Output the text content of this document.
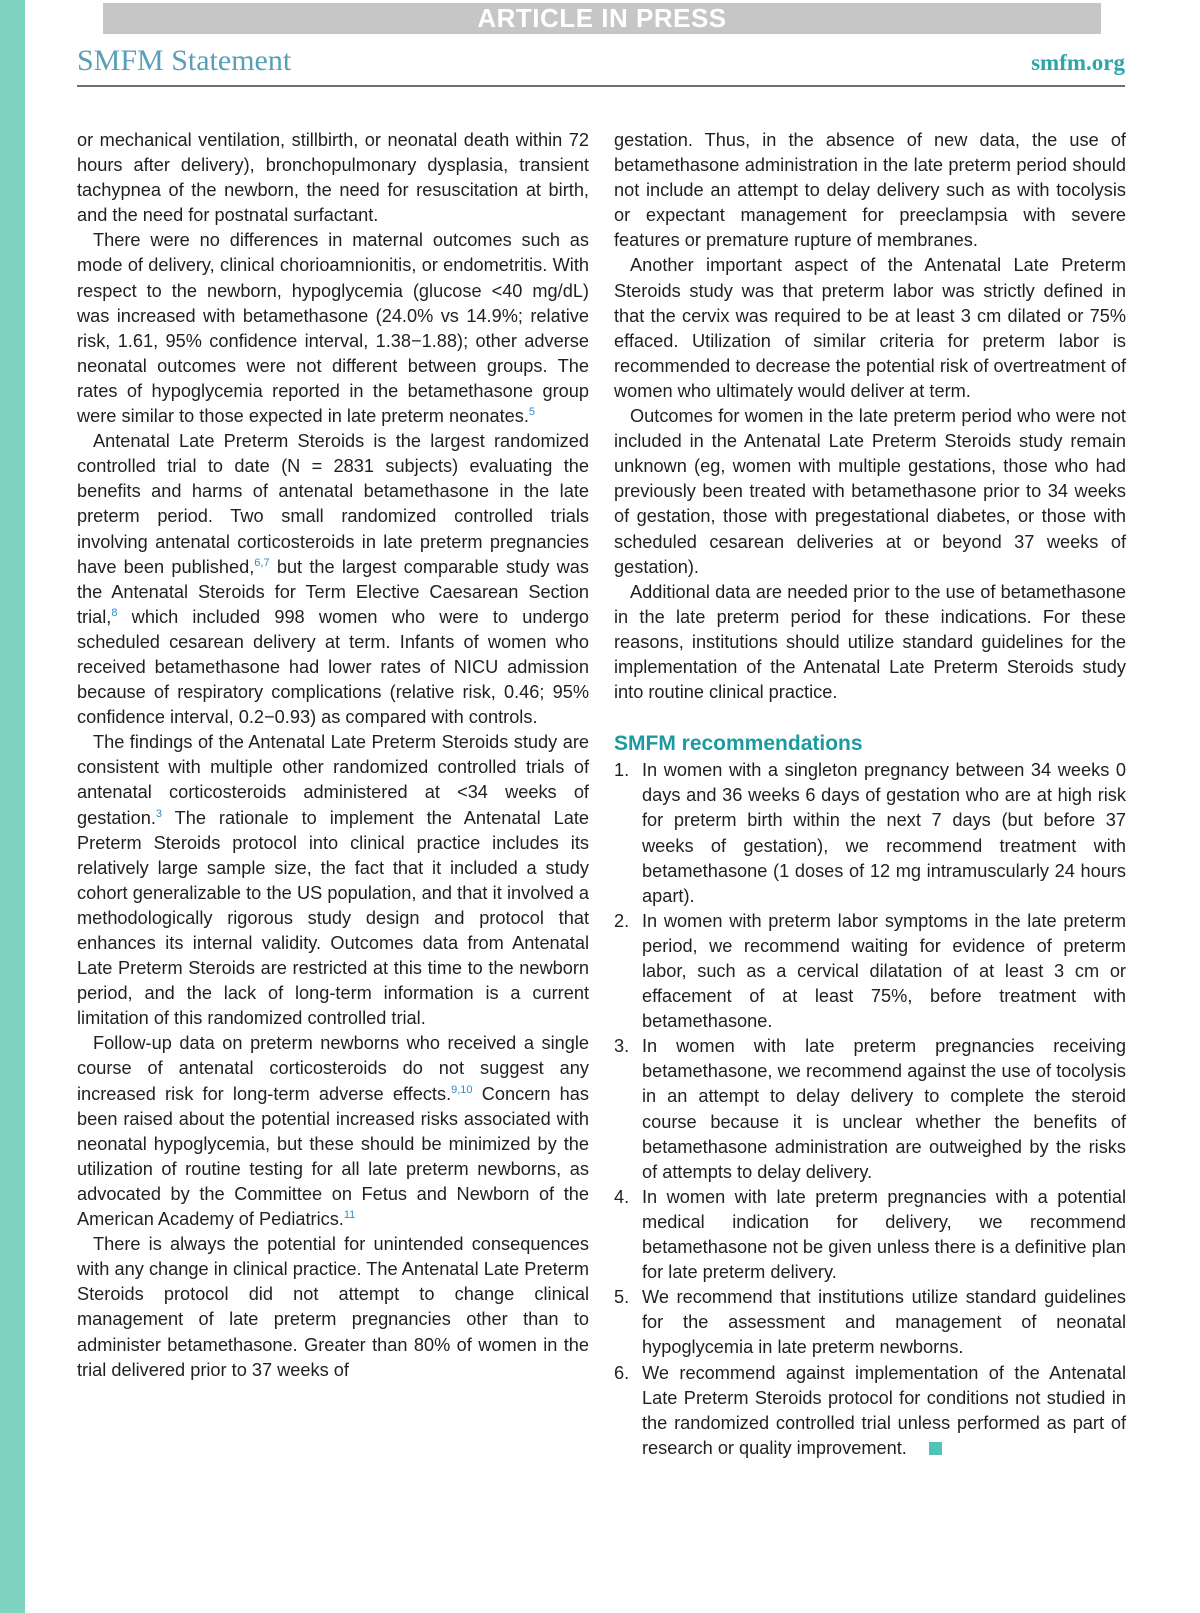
ARTICLE IN PRESS
SMFM Statement	smfm.org

or mechanical ventilation, stillbirth, or neonatal death within 72 hours after delivery), bronchopulmonary dysplasia, transient tachypnea of the newborn, the need for resuscitation at birth, and the need for postnatal surfactant.

There were no differences in maternal outcomes such as mode of delivery, clinical chorioamnionitis, or endometritis. With respect to the newborn, hypoglycemia (glucose <40 mg/dL) was increased with betamethasone (24.0% vs 14.9%; relative risk, 1.61, 95% confidence interval, 1.38−1.88); other adverse neonatal outcomes were not different between groups. The rates of hypoglycemia reported in the betamethasone group were similar to those expected in late preterm neonates.$^5$

Antenatal Late Preterm Steroids is the largest randomized controlled trial to date (N = 2831 subjects) evaluating the benefits and harms of antenatal betamethasone in the late preterm period. Two small randomized controlled trials involving antenatal corticosteroids in late preterm pregnancies have been published,$^{6,7}$ but the largest comparable study was the Antenatal Steroids for Term Elective Caesarean Section trial,$^8$ which included 998 women who were to undergo scheduled cesarean delivery at term. Infants of women who received betamethasone had lower rates of NICU admission because of respiratory complications (relative risk, 0.46; 95% confidence interval, 0.2−0.93) as compared with controls.

The findings of the Antenatal Late Preterm Steroids study are consistent with multiple other randomized controlled trials of antenatal corticosteroids administered at <34 weeks of gestation.$^3$ The rationale to implement the Antenatal Late Preterm Steroids protocol into clinical practice includes its relatively large sample size, the fact that it included a study cohort generalizable to the US population, and that it involved a methodologically rigorous study design and protocol that enhances its internal validity. Outcomes data from Antenatal Late Preterm Steroids are restricted at this time to the newborn period, and the lack of long-term information is a current limitation of this randomized controlled trial.

Follow-up data on preterm newborns who received a single course of antenatal corticosteroids do not suggest any increased risk for long-term adverse effects.$^{9,10}$ Concern has been raised about the potential increased risks associated with neonatal hypoglycemia, but these should be minimized by the utilization of routine testing for all late preterm newborns, as advocated by the Committee on Fetus and Newborn of the American Academy of Pediatrics.$^{11}$

There is always the potential for unintended consequences with any change in clinical practice. The Antenatal Late Preterm Steroids protocol did not attempt to change clinical management of late preterm pregnancies other than to administer betamethasone. Greater than 80% of women in the trial delivered prior to 37 weeks of

gestation. Thus, in the absence of new data, the use of betamethasone administration in the late preterm period should not include an attempt to delay delivery such as with tocolysis or expectant management for preeclampsia with severe features or premature rupture of membranes.

Another important aspect of the Antenatal Late Preterm Steroids study was that preterm labor was strictly defined in that the cervix was required to be at least 3 cm dilated or 75% effaced. Utilization of similar criteria for preterm labor is recommended to decrease the potential risk of overtreatment of women who ultimately would deliver at term.

Outcomes for women in the late preterm period who were not included in the Antenatal Late Preterm Steroids study remain unknown (eg, women with multiple gestations, those who had previously been treated with betamethasone prior to 34 weeks of gestation, those with pregestational diabetes, or those with scheduled cesarean deliveries at or beyond 37 weeks of gestation).

Additional data are needed prior to the use of betamethasone in the late preterm period for these indications. For these reasons, institutions should utilize standard guidelines for the implementation of the Antenatal Late Preterm Steroids study into routine clinical practice.

SMFM recommendations
1. In women with a singleton pregnancy between 34 weeks 0 days and 36 weeks 6 days of gestation who are at high risk for preterm birth within the next 7 days (but before 37 weeks of gestation), we recommend treatment with betamethasone (1 doses of 12 mg intramuscularly 24 hours apart).
2. In women with preterm labor symptoms in the late preterm period, we recommend waiting for evidence of preterm labor, such as a cervical dilatation of at least 3 cm or effacement of at least 75%, before treatment with betamethasone.
3. In women with late preterm pregnancies receiving betamethasone, we recommend against the use of tocolysis in an attempt to delay delivery to complete the steroid course because it is unclear whether the benefits of betamethasone administration are outweighed by the risks of attempts to delay delivery.
4. In women with late preterm pregnancies with a potential medical indication for delivery, we recommend betamethasone not be given unless there is a definitive plan for late preterm delivery.
5. We recommend that institutions utilize standard guidelines for the assessment and management of neonatal hypoglycemia in late preterm newborns.
6. We recommend against implementation of the Antenatal Late Preterm Steroids protocol for conditions not studied in the randomized controlled trial unless performed as part of research or quality improvement.
